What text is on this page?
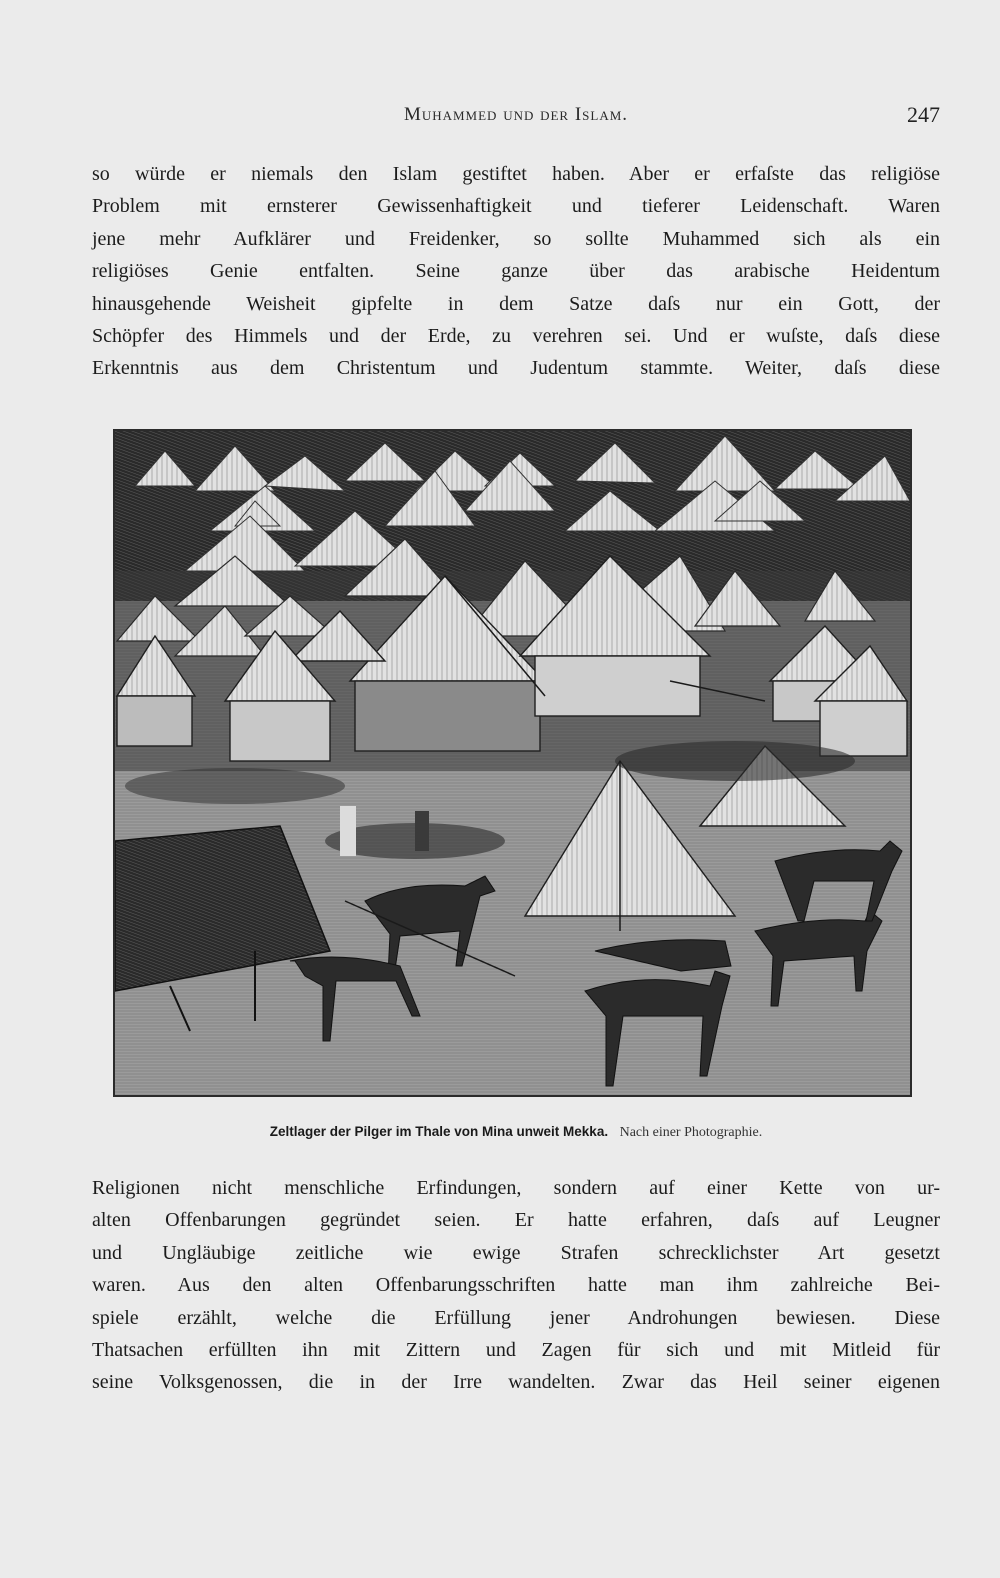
Muhammed und der Islam.	247
so würde er niemals den Islam gestiftet haben. Aber er erfaſste das religiöse
Problem mit ernsterer Gewissenhaftigkeit und tieferer Leidenschaft. Waren
jene mehr Aufklärer und Freidenker, so sollte Muhammed sich als ein
religiöses Genie entfalten. Seine ganze über das arabische Heidentum
hinausgehende Weisheit gipfelte in dem Satze daſs nur ein Gott, der
Schöpfer des Himmels und der Erde, zu verehren sei. Und er wuſste, daſs diese
Erkenntnis aus dem Christentum und Judentum stammte. Weiter, daſs diese
Zeltlager der Pilger im Thale von Mina unweit Mekka. Nach einer Photographie.
Religionen nicht menschliche Erfindungen, sondern auf einer Kette von ur-
alten Offenbarungen gegründet seien. Er hatte erfahren, daſs auf Leugner
und Ungläubige zeitliche wie ewige Strafen schrecklichster Art gesetzt
waren. Aus den alten Offenbarungsschriften hatte man ihm zahlreiche Bei-
spiele erzählt, welche die Erfüllung jener Androhungen bewiesen. Diese
Thatsachen erfüllten ihn mit Zittern und Zagen für sich und mit Mitleid für
seine Volksgenossen, die in der Irre wandelten. Zwar das Heil seiner eigenen
